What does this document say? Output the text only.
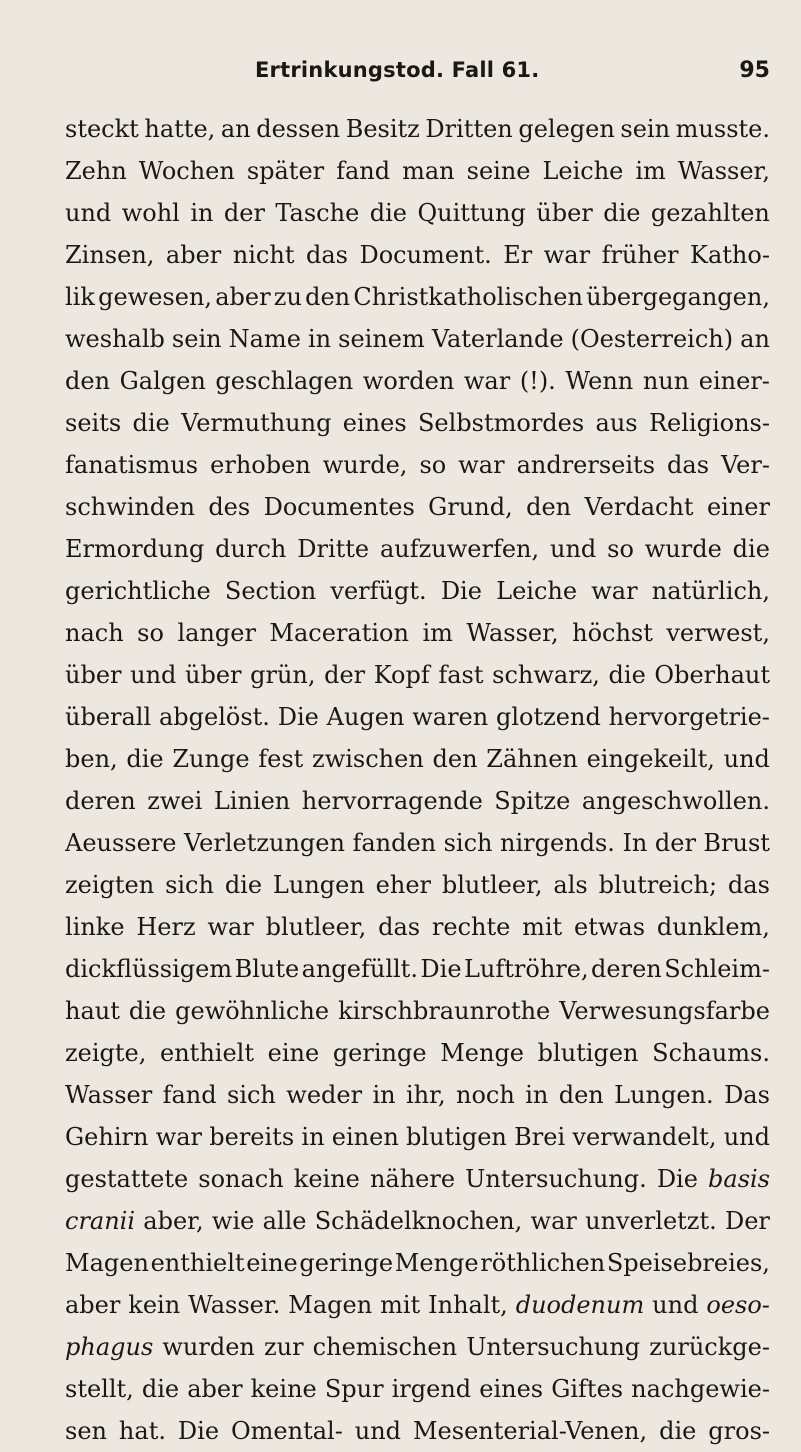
Ertrinkungstod. Fall 61.	95
steckt hatte, an dessen Besitz Dritten gelegen sein musste.
Zehn Wochen später fand man seine Leiche im Wasser,
und wohl in der Tasche die Quittung über die gezahlten
Zinsen, aber nicht das Document. Er war früher Katho-
lik gewesen, aber zu den Christkatholischen übergegangen,
weshalb sein Name in seinem Vaterlande (Oesterreich) an
den Galgen geschlagen worden war (!). Wenn nun einer-
seits die Vermuthung eines Selbstmordes aus Religions-
fanatismus erhoben wurde, so war andrerseits das Ver-
schwinden des Documentes Grund, den Verdacht einer
Ermordung durch Dritte aufzuwerfen, und so wurde die
gerichtliche Section verfügt. Die Leiche war natürlich,
nach so langer Maceration im Wasser, höchst verwest,
über und über grün, der Kopf fast schwarz, die Oberhaut
überall abgelöst. Die Augen waren glotzend hervorgetrie-
ben, die Zunge fest zwischen den Zähnen eingekeilt, und
deren zwei Linien hervorragende Spitze angeschwollen.
Aeussere Verletzungen fanden sich nirgends. In der Brust
zeigten sich die Lungen eher blutleer, als blutreich; das
linke Herz war blutleer, das rechte mit etwas dunklem,
dickflüssigem Blute angefüllt. Die Luftröhre, deren Schleim-
haut die gewöhnliche kirschbraunrothe Verwesungsfarbe
zeigte, enthielt eine geringe Menge blutigen Schaums.
Wasser fand sich weder in ihr, noch in den Lungen. Das
Gehirn war bereits in einen blutigen Brei verwandelt, und
gestattete sonach keine nähere Untersuchung. Die basis
cranii aber, wie alle Schädelknochen, war unverletzt. Der
Magen enthielt eine geringe Menge röthlichen Speisebreies,
aber kein Wasser. Magen mit Inhalt, duodenum und oeso-
phagus wurden zur chemischen Untersuchung zurückge-
stellt, die aber keine Spur irgend eines Giftes nachgewie-
sen hat. Die Omental- und Mesenterial-Venen, die gros-
